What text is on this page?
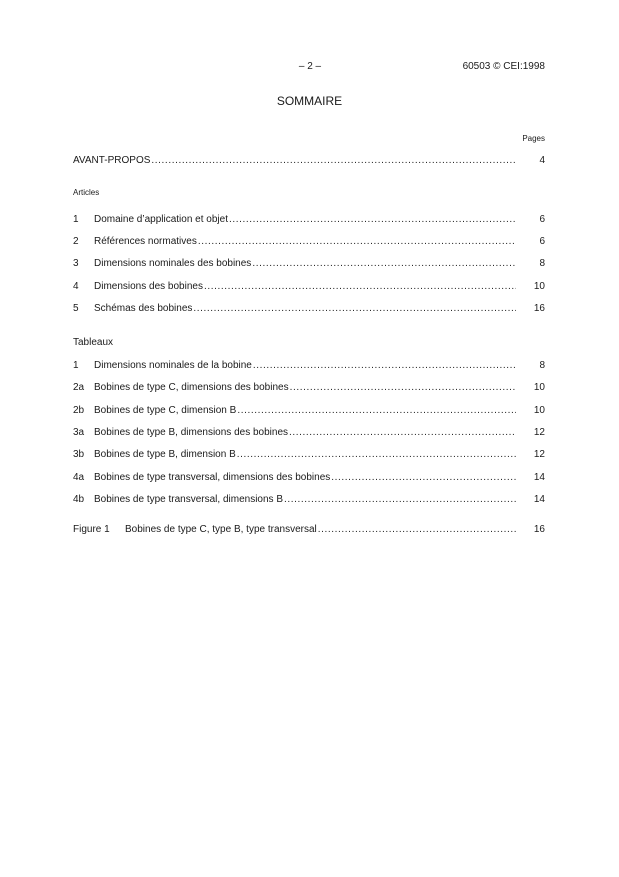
– 2 –	60503 © CEI:1998
SOMMAIRE
Pages
AVANT-PROPOS .....	4
Articles
1	Domaine d’application et objet .....	6
2	Références normatives .....	6
3	Dimensions nominales des bobines .....	8
4	Dimensions des bobines .....	10
5	Schémas des bobines .....	16
Tableaux
1	Dimensions nominales de la bobine .....	8
2a Bobines de type C, dimensions des bobines .....	10
2b Bobines de type C, dimension B .....	10
3a Bobines de type B, dimensions des bobines .....	12
3b Bobines de type B, dimension B .....	12
4a Bobines de type transversal, dimensions des bobines .....	14
4b Bobines de type transversal, dimensions B .....	14
Figure 1	Bobines de type C, type B, type transversal .....	16
